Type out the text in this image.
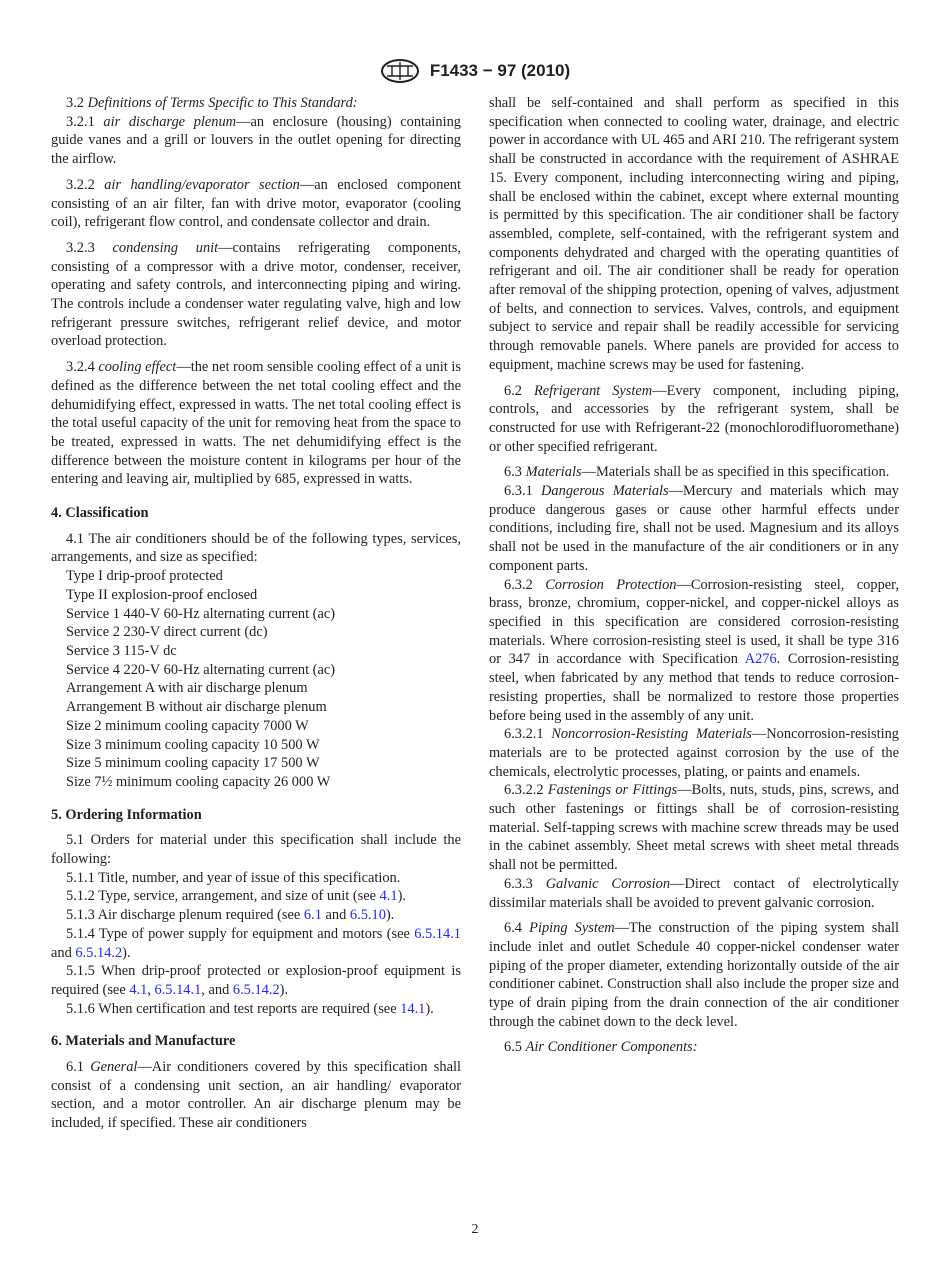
F1433 − 97 (2010)

3.2 Definitions of Terms Specific to This Standard:

3.2.1 air discharge plenum—an enclosure (housing) containing guide vanes and a grill or louvers in the outlet opening for directing the airflow.

3.2.2 air handling/evaporator section—an enclosed component consisting of an air filter, fan with drive motor, evaporator (cooling coil), refrigerant flow control, and condensate collector and drain.

3.2.3 condensing unit—contains refrigerating components, consisting of a compressor with a drive motor, condenser, receiver, operating and safety controls, and interconnecting piping and wiring. The controls include a condenser water regulating valve, high and low refrigerant pressure switches, refrigerant relief device, and motor overload protection.

3.2.4 cooling effect—the net room sensible cooling effect of a unit is defined as the difference between the net total cooling effect and the dehumidifying effect, expressed in watts. The net total cooling effect is the total useful capacity of the unit for removing heat from the space to be treated, expressed in watts. The net dehumidifying effect is the difference between the moisture content in kilograms per hour of the entering and leaving air, multiplied by 685, expressed in watts.

4. Classification

4.1 The air conditioners should be of the following types, services, arrangements, and size as specified:

Type I drip-proof protected
Type II explosion-proof enclosed
Service 1 440-V 60-Hz alternating current (ac)
Service 2 230-V direct current (dc)
Service 3 115-V dc
Service 4 220-V 60-Hz alternating current (ac)
Arrangement A with air discharge plenum
Arrangement B without air discharge plenum
Size 2 minimum cooling capacity 7000 W
Size 3 minimum cooling capacity 10 500 W
Size 5 minimum cooling capacity 17 500 W
Size 7½ minimum cooling capacity 26 000 W
5. Ordering Information

5.1 Orders for material under this specification shall include the following:

5.1.1 Title, number, and year of issue of this specification.

5.1.2 Type, service, arrangement, and size of unit (see 4.1).

5.1.3 Air discharge plenum required (see 6.1 and 6.5.10).

5.1.4 Type of power supply for equipment and motors (see 6.5.14.1 and 6.5.14.2).

5.1.5 When drip-proof protected or explosion-proof equipment is required (see 4.1, 6.5.14.1, and 6.5.14.2).

5.1.6 When certification and test reports are required (see 14.1).

6. Materials and Manufacture

6.1 General—Air conditioners covered by this specification shall consist of a condensing unit section, an air handling/ evaporator section, and a motor controller. An air discharge plenum may be included, if specified. These air conditioners

shall be self-contained and shall perform as specified in this specification when connected to cooling water, drainage, and electric power in accordance with UL 465 and ARI 210. The refrigerant system shall be constructed in accordance with the requirement of ASHRAE 15. Every component, including interconnecting wiring and piping, shall be enclosed within the cabinet, except where external mounting is permitted by this specification. The air conditioner shall be factory assembled, complete, self-contained, with the refrigerant system and components dehydrated and charged with the operating quantities of refrigerant and oil. The air conditioner shall be ready for operation after removal of the shipping protection, opening of valves, adjustment of belts, and connection to services. Valves, controls, and equipment subject to service and repair shall be readily accessible for servicing through removable panels. Where panels are provided for access to equipment, machine screws may be used for fastening.

6.2 Refrigerant System—Every component, including piping, controls, and accessories by the refrigerant system, shall be constructed for use with Refrigerant-22 (monochlorodifluoromethane) or other specified refrigerant.

6.3 Materials—Materials shall be as specified in this specification.

6.3.1 Dangerous Materials—Mercury and materials which may produce dangerous gases or cause other harmful effects under conditions, including fire, shall not be used. Magnesium and its alloys shall not be used in the manufacture of the air conditioners or in any component parts.

6.3.2 Corrosion Protection—Corrosion-resisting steel, copper, brass, bronze, chromium, copper-nickel, and copper-nickel alloys as specified in this specification are considered corrosion-resisting materials. Where corrosion-resisting steel is used, it shall be type 316 or 347 in accordance with Specification A276. Corrosion-resisting steel, when fabricated by any method that tends to reduce corrosion-resisting properties, shall be normalized to restore those properties before being used in the assembly of any unit.

6.3.2.1 Noncorrosion-Resisting Materials—Noncorrosion-resisting materials are to be protected against corrosion by the use of the chemicals, electrolytic processes, plating, or paints and enamels.

6.3.2.2 Fastenings or Fittings—Bolts, nuts, studs, pins, screws, and such other fastenings or fittings shall be of corrosion-resisting material. Self-tapping screws with machine screw threads may be used in the cabinet assembly. Sheet metal screws with sheet metal threads shall not be permitted.

6.3.3 Galvanic Corrosion—Direct contact of electrolytically dissimilar materials shall be avoided to prevent galvanic corrosion.

6.4 Piping System—The construction of the piping system shall include inlet and outlet Schedule 40 copper-nickel condenser water piping of the proper diameter, extending horizontally outside of the air conditioner cabinet. Construction shall also include the proper size and type of drain piping from the drain connection of the air conditioner through the cabinet down to the deck level.

6.5 Air Conditioner Components:

2
